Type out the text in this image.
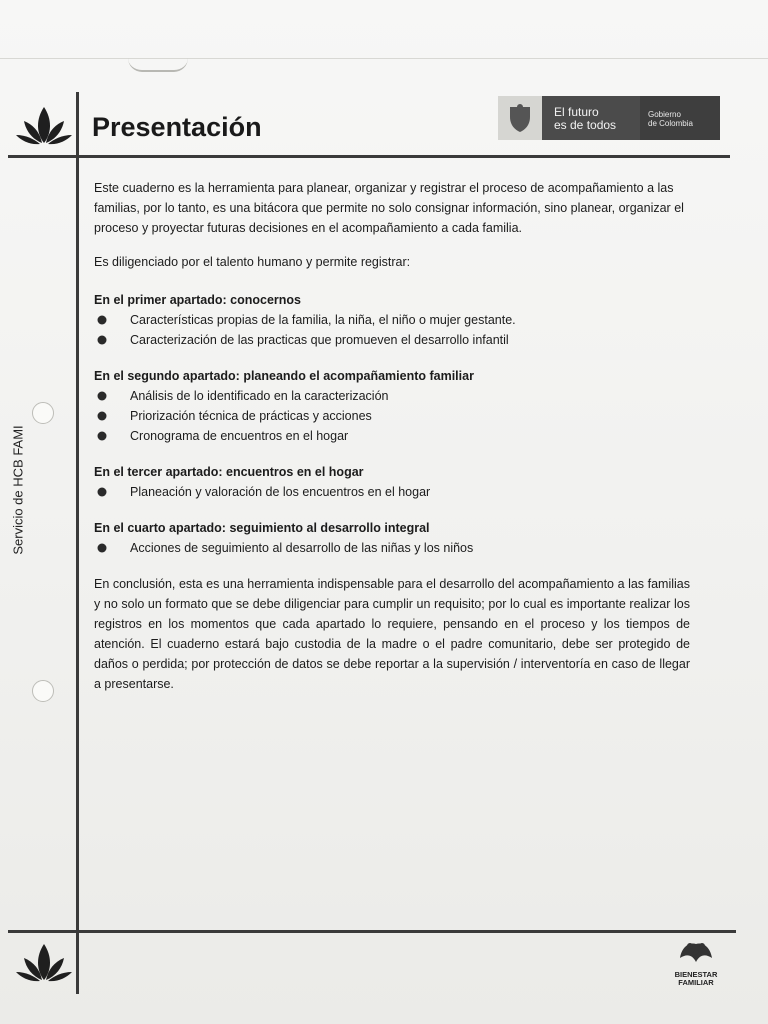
Servicio de HCB FAMI
Presentación	El futuro
es de todos
Gobierno
de Colombia

Este cuaderno es la herramienta para planear, organizar y registrar el proceso de acompañamiento a las familias, por lo tanto, es una bitácora que permite no solo consignar información, sino planear, organizar el proceso y proyectar futuras decisiones en el acompañamiento a cada familia.

Es diligenciado por el talento humano y permite registrar:

En el primer apartado: conocernos
Características propias de la familia, la niña, el niño o mujer gestante.
Caracterización de las practicas que promueven el desarrollo infantil
En el segundo apartado: planeando el acompañamiento familiar
Análisis de lo identificado en la caracterización
Priorización técnica de prácticas y acciones
Cronograma de encuentros en el hogar
En el tercer apartado: encuentros en el hogar
Planeación y valoración de los encuentros en el hogar
En el cuarto apartado: seguimiento al desarrollo integral
Acciones de seguimiento al desarrollo de las niñas y los niños

En conclusión, esta es una herramienta indispensable para el desarrollo del acompañamiento a las familias y no solo un formato que se debe diligenciar para cumplir un requisito; por lo cual es importante realizar los registros en los momentos que cada apartado lo requiere, pensando en el proceso y los tiempos de atención. El cuaderno estará bajo custodia de la madre o el padre comunitario, debe ser protegido de daños o perdida; por protección de datos se debe reportar a la supervisión / interventoría en caso de llegar a presentarse.

BIENESTAR
FAMILIAR
